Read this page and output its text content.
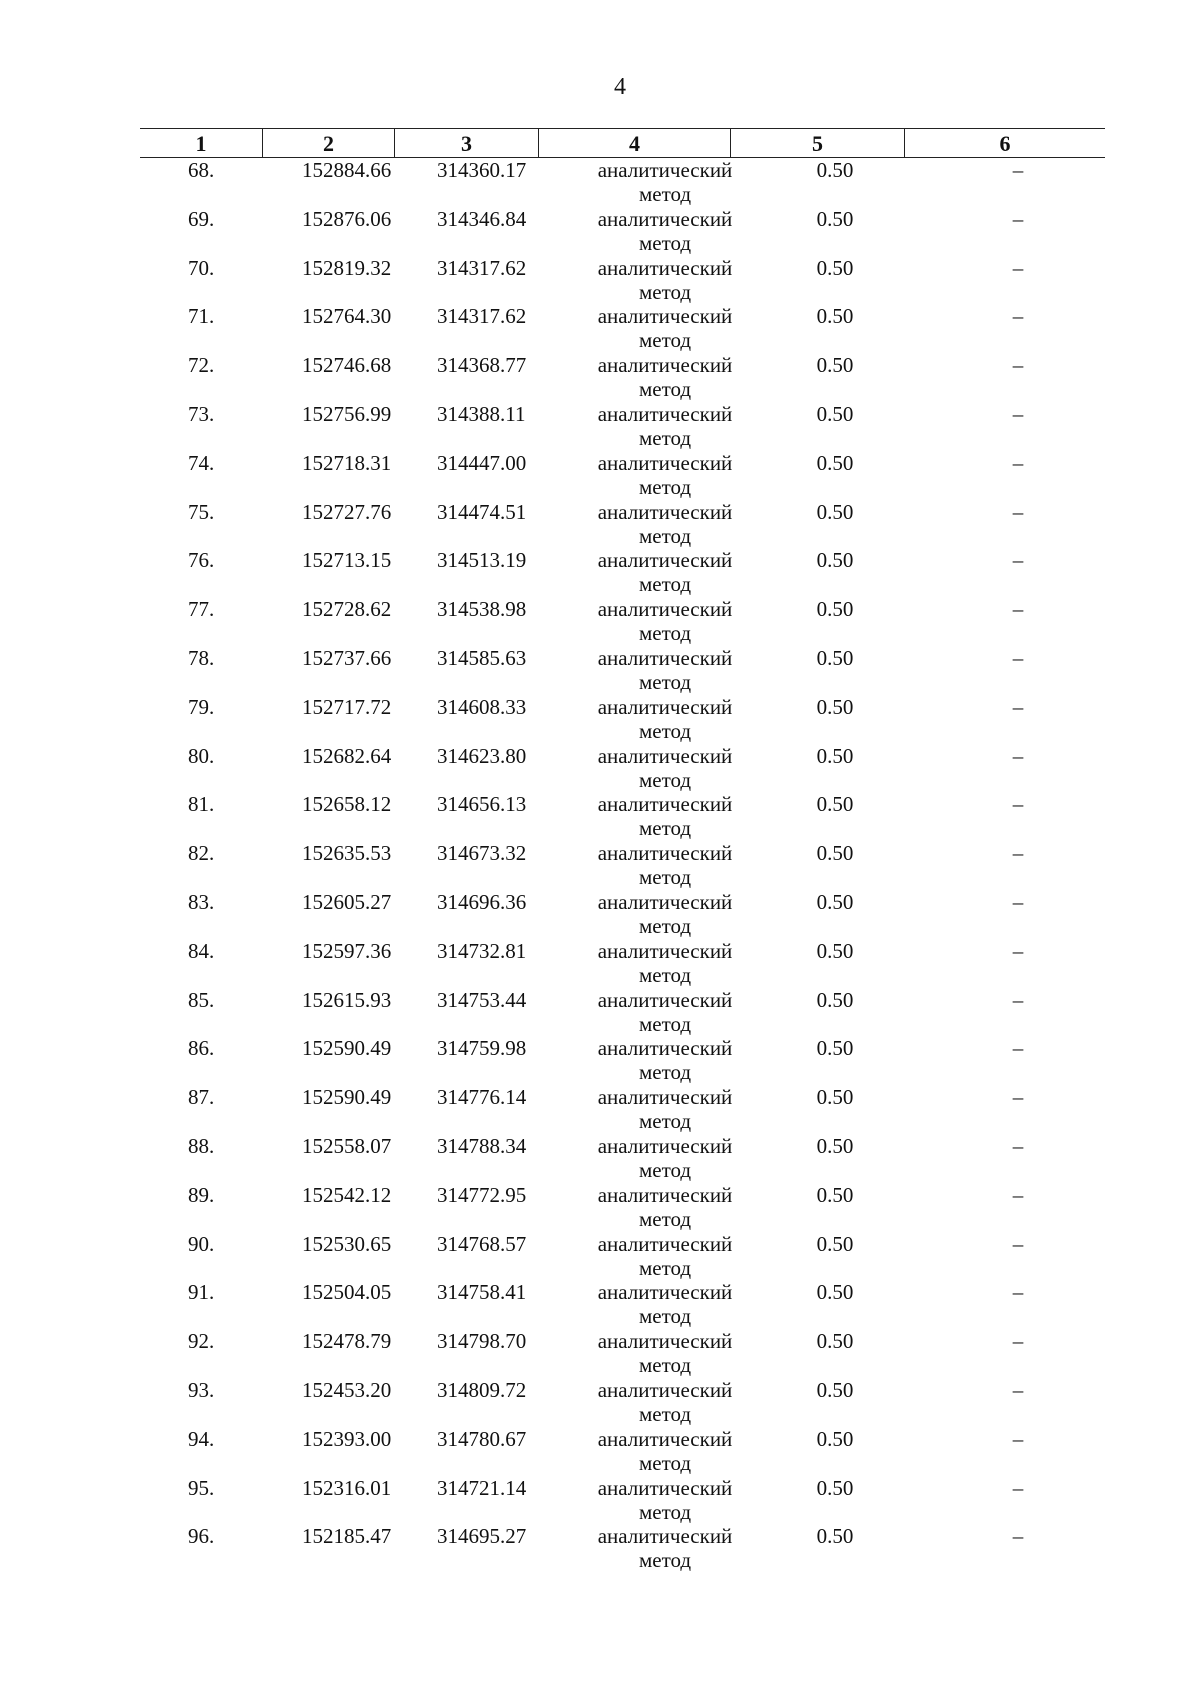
4
1	2	3	4	5	6
68.	152884.66	314360.17	аналитический
метод
0.50	–
69.	152876.06	314346.84	аналитический
метод
0.50	–
70.	152819.32	314317.62	аналитический
метод
0.50	–
71.	152764.30	314317.62	аналитический
метод
0.50	–
72.	152746.68	314368.77	аналитический
метод
0.50	–
73.	152756.99	314388.11	аналитический
метод
0.50	–
74.	152718.31	314447.00	аналитический
метод
0.50	–
75.	152727.76	314474.51	аналитический
метод
0.50	–
76.	152713.15	314513.19	аналитический
метод
0.50	–
77.	152728.62	314538.98	аналитический
метод
0.50	–
78.	152737.66	314585.63	аналитический
метод
0.50	–
79.	152717.72	314608.33	аналитический
метод
0.50	–
80.	152682.64	314623.80	аналитический
метод
0.50	–
81.	152658.12	314656.13	аналитический
метод
0.50	–
82.	152635.53	314673.32	аналитический
метод
0.50	–
83.	152605.27	314696.36	аналитический
метод
0.50	–
84.	152597.36	314732.81	аналитический
метод
0.50	–
85.	152615.93	314753.44	аналитический
метод
0.50	–
86.	152590.49	314759.98	аналитический
метод
0.50	–
87.	152590.49	314776.14	аналитический
метод
0.50	–
88.	152558.07	314788.34	аналитический
метод
0.50	–
89.	152542.12	314772.95	аналитический
метод
0.50	–
90.	152530.65	314768.57	аналитический
метод
0.50	–
91.	152504.05	314758.41	аналитический
метод
0.50	–
92.	152478.79	314798.70	аналитический
метод
0.50	–
93.	152453.20	314809.72	аналитический
метод
0.50	–
94.	152393.00	314780.67	аналитический
метод
0.50	–
95.	152316.01	314721.14	аналитический
метод
0.50	–
96.	152185.47	314695.27	аналитический
метод
0.50	–
